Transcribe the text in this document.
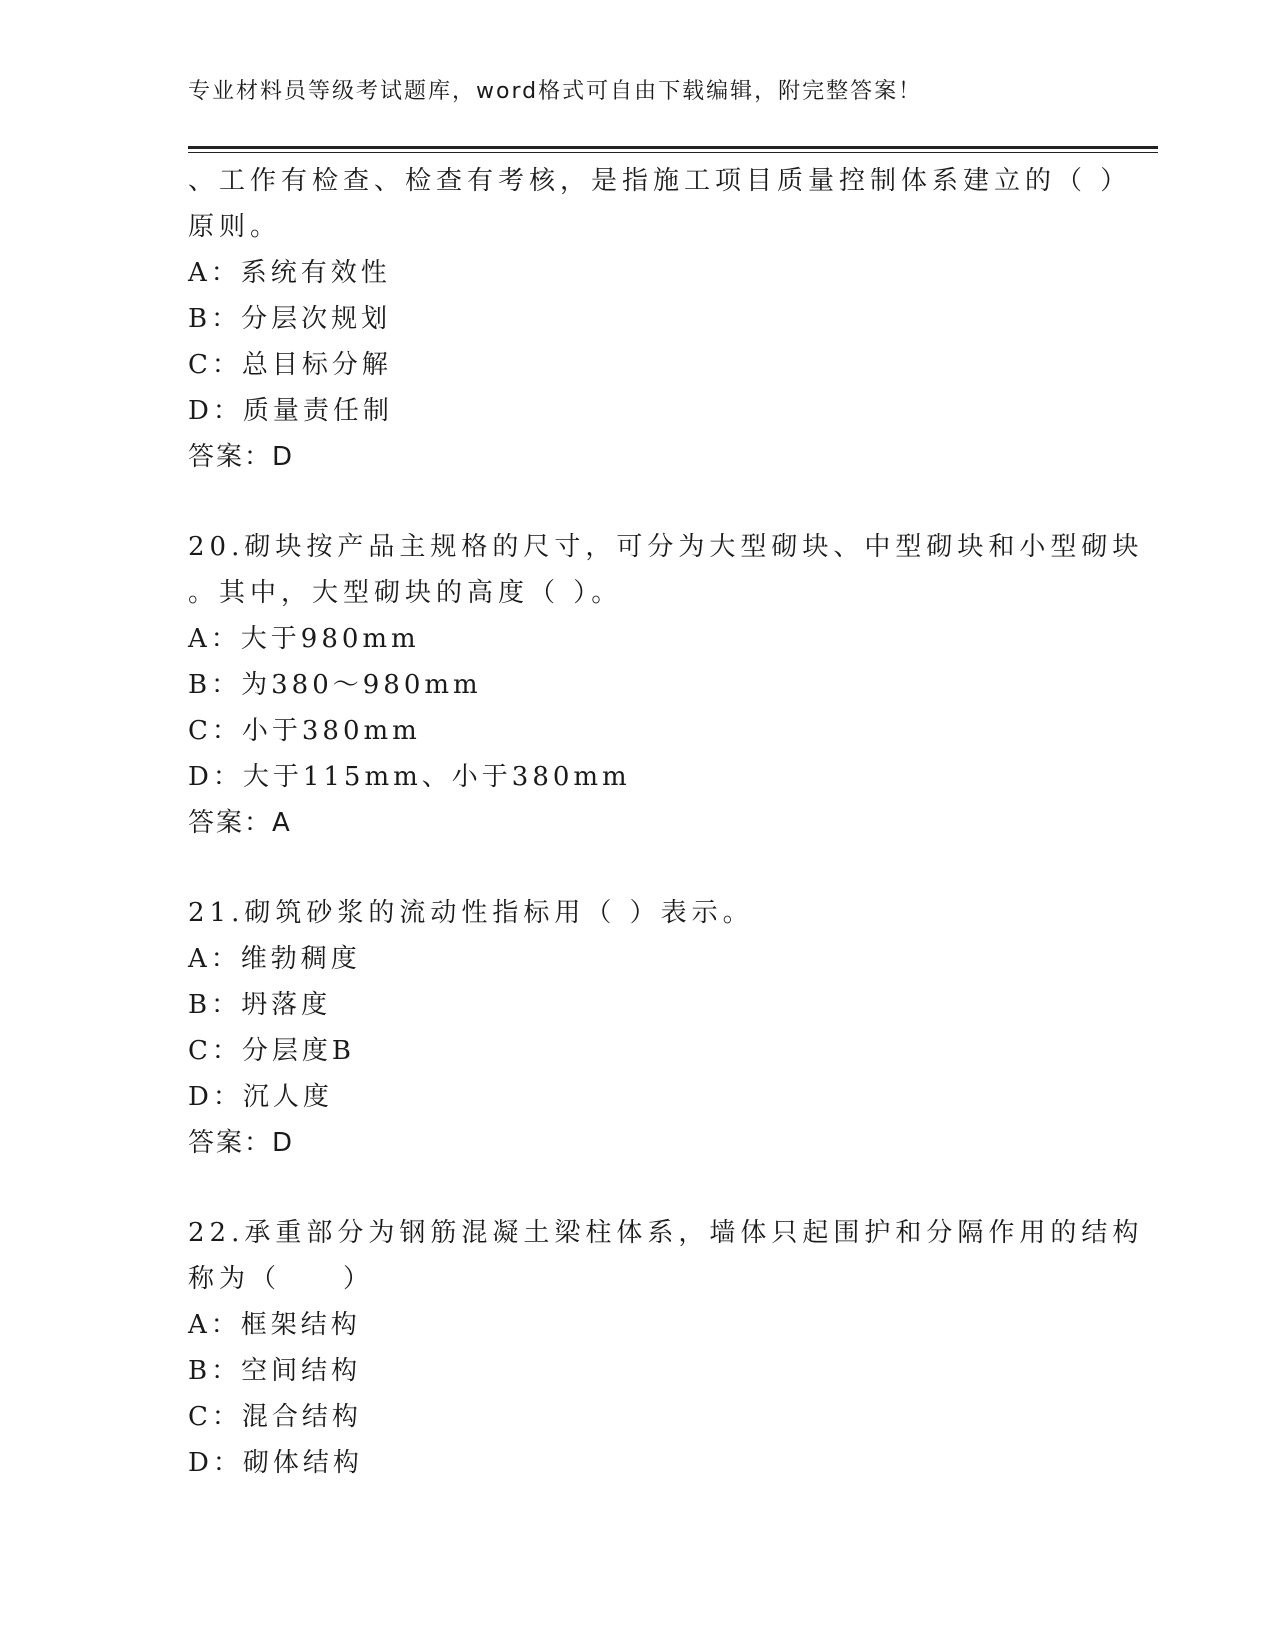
专业材料员等级考试题库，word格式可自由下载编辑，附完整答案！
、工作有检查、检查有考核，是指施工项目质量控制体系建立的（ ）
原则。
A：系统有效性
B：分层次规划
C：总目标分解
D：质量责任制
答案：D
20.砌块按产品主规格的尺寸，可分为大型砌块、中型砌块和小型砌块
。其中，大型砌块的高度（ ）。
A：大于980mm
B：为380～980mm
C：小于380mm
D：大于115mm、小于380mm
答案：A
21.砌筑砂浆的流动性指标用（ ）表示。
A：维勃稠度
B：坍落度
C：分层度B
D：沉人度
答案：D
22.承重部分为钢筋混凝土梁柱体系，墙体只起围护和分隔作用的结构
称为（　　）
A：框架结构
B：空间结构
C：混合结构
D：砌体结构
